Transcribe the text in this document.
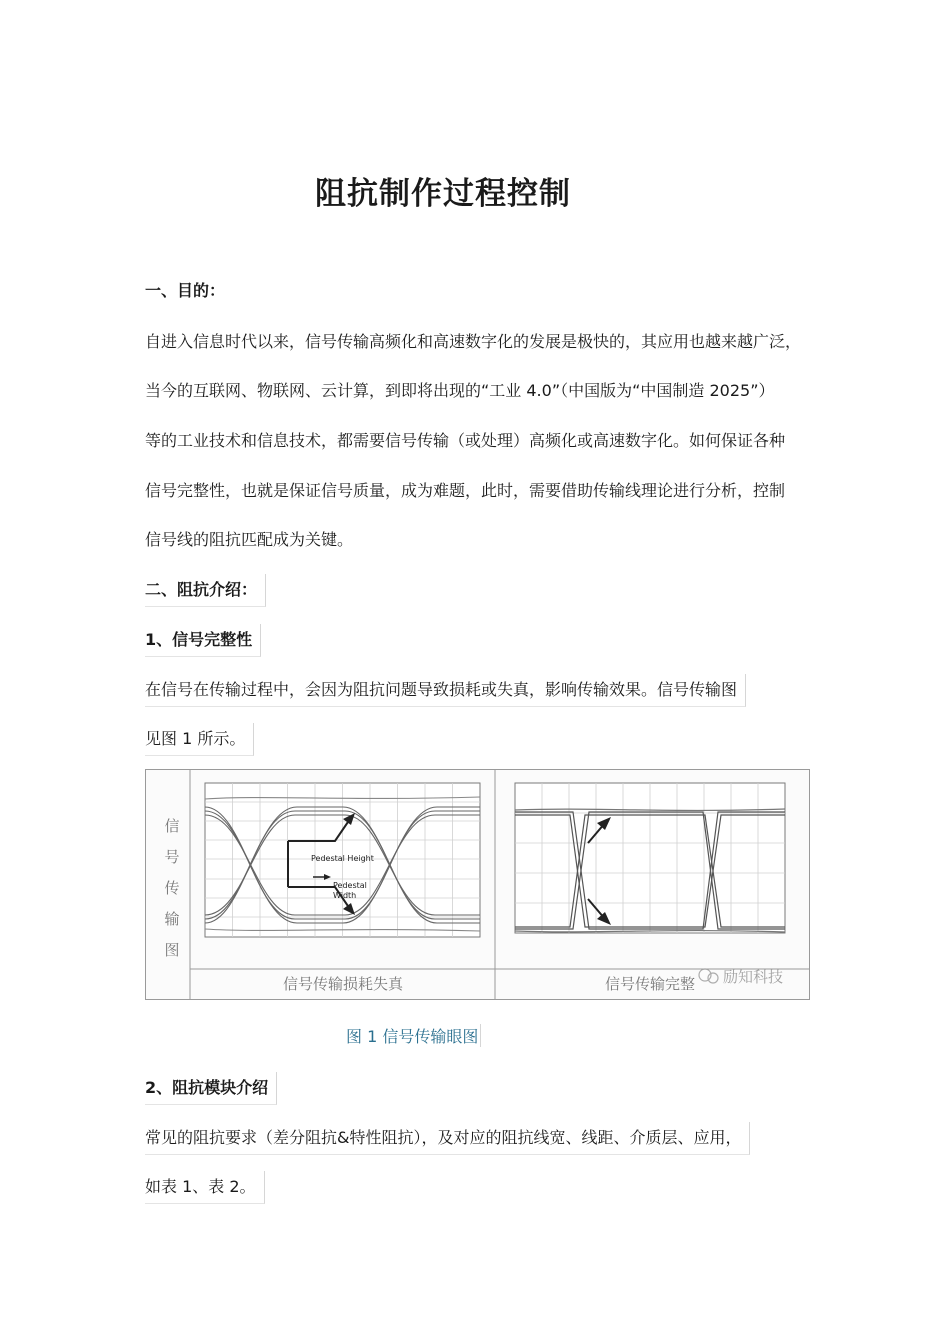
阻抗制作过程控制
一、目的：
自进入信息时代以来，信号传输高频化和高速数字化的发展是极快的，其应用也越来越广泛，
当今的互联网、物联网、云计算，到即将出现的“工业 4.0”（中国版为“中国制造 2025”）
等的工业技术和信息技术，都需要信号传输（或处理）高频化或高速数字化。如何保证各种
信号完整性，也就是保证信号质量，成为难题，此时，需要借助传输线理论进行分析，控制
信号线的阻抗匹配成为关键。
二、阻抗介绍：
1、信号完整性
在信号在传输过程中，会因为阻抗问题导致损耗或失真，影响传输效果。信号传输图
见图 1 所示。
信
号
传
输
图
Pedestal Height
Pedestal
Width
信号传输损耗失真	信号传输完整 励知科技
图 1 信号传输眼图
2、阻抗模块介绍
常见的阻抗要求（差分阻抗&特性阻抗），及对应的阻抗线宽、线距、介质层、应用，
如表 1、表 2。
